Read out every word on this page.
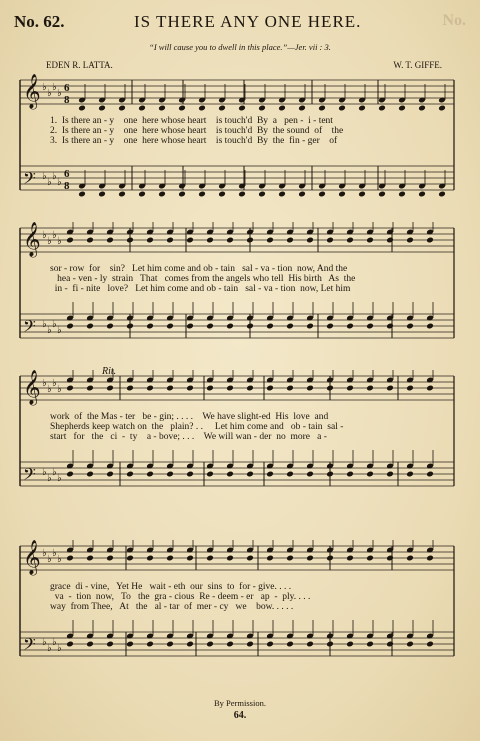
No. 62.	IS THERE ANY ONE HERE.	No.
“I will cause you to dwell in this place.”—Jer. vii : 3.
EDEN R. LATTA.	W. T. GIFFE.
𝄞 ♭
♭
♭
♭ 6
8
𝄢 ♭
♭
♭
♭
6
8
1.  Is there an - y    one  here whose heart    is touch'd  By  a   pen -  i - tent
2.  Is there an - y    one  here whose heart    is touch'd  By  the sound  of    the
3.  Is there an - y    one  here whose heart    is touch'd  By  the  fin - ger    of
𝄞 ♭
♭
♭
♭
𝄢 ♭
♭
♭
♭
sor - row  for    sin?   Let him come and ob - tain   sal - va - tion  now, And the
hea - ven - ly  strain   That   comes from the angels who tell  His birth   As  the
in -  fi - nite   love?   Let him come and ob - tain   sal - va - tion  now, Let him
𝄞 ♭
♭
♭
♭
𝄢 ♭
♭
♭
♭
Rit.
work  of  the Mas - ter   be - gin; . . . .    We have slight-ed  His  love  and
Shepherds keep watch on  the   plain? . .     Let him come and   ob - tain  sal -
start   for   the   ci  -  ty    a - bove; . . .    We will wan - der  no  more   a -
𝄞 ♭
♭
♭
♭
𝄢 ♭
♭
♭
♭
grace  di - vine,   Yet He   wait - eth  our  sins  to  for - give. . . .
va  -  tion  now,   To   the  gra - cious  Re - deem - er   ap  -  ply. . . .
way  from Thee,   At   the   al - tar  of  mer - cy   we    bow. . . . .
By Permission.
64.
